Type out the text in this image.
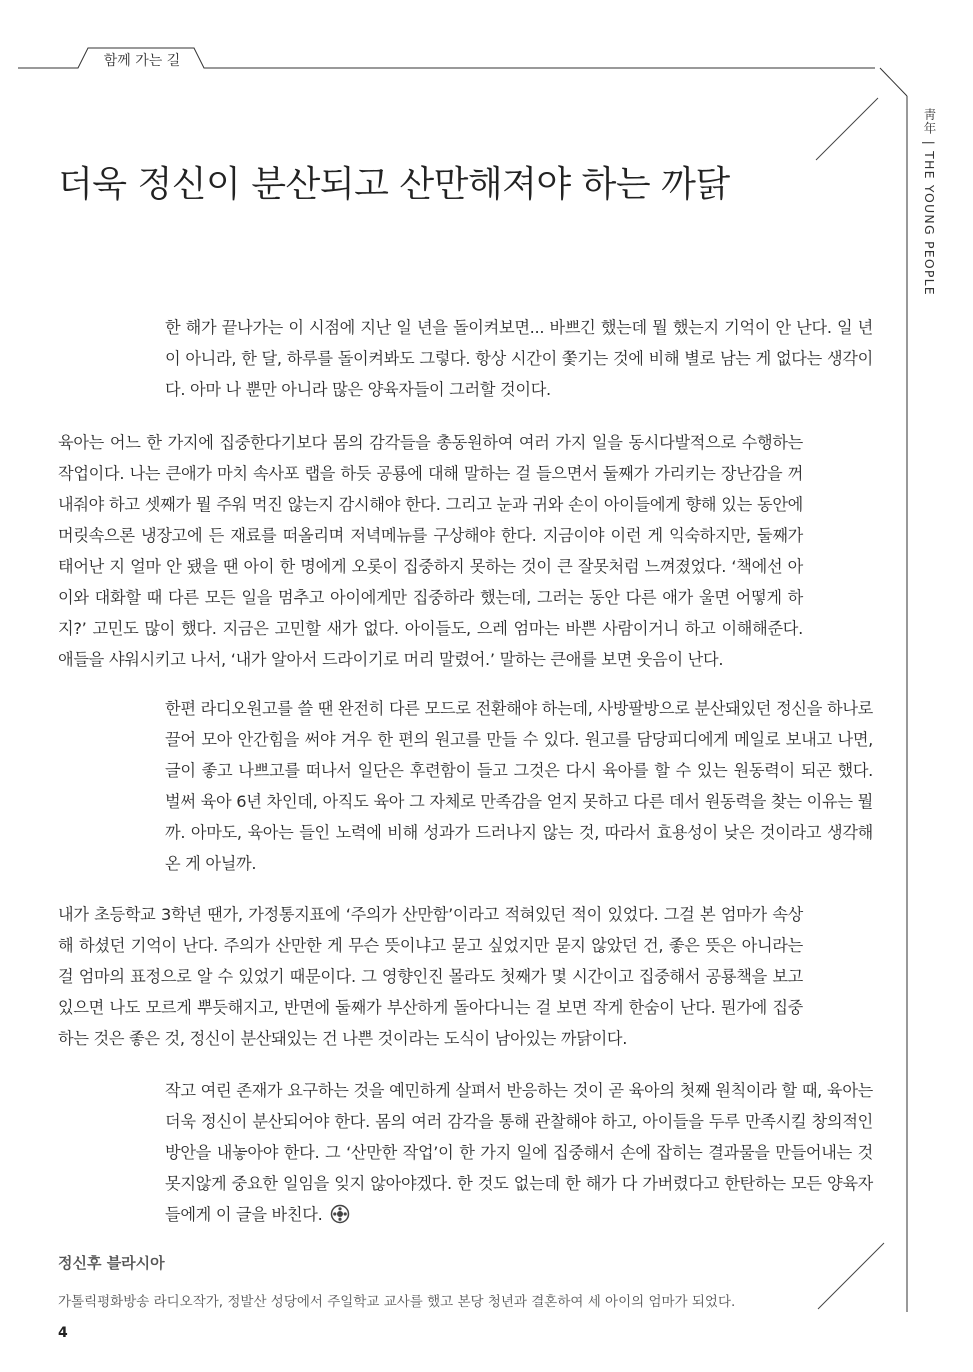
함께 가는 길
靑年 | THE YOUNG PEOPLE
더욱 정신이 분산되고 산만해져야 하는 까닭

한 해가 끝나가는 이 시점에 지난 일 년을 돌이켜보면... 바쁘긴 했는데 뭘 했는지 기억이 안 난다. 일 년이 아니라, 한 달, 하루를 돌이켜봐도 그렇다. 항상 시간이 쫓기는 것에 비해 별로 남는 게 없다는 생각이다. 아마 나 뿐만 아니라 많은 양육자들이 그러할 것이다.

육아는 어느 한 가지에 집중한다기보다 몸의 감각들을 총동원하여 여러 가지 일을 동시다발적으로 수행하는 작업이다. 나는 큰애가 마치 속사포 랩을 하듯 공룡에 대해 말하는 걸 들으면서 둘째가 가리키는 장난감을 꺼내줘야 하고 셋째가 뭘 주워 먹진 않는지 감시해야 한다. 그리고 눈과 귀와 손이 아이들에게 향해 있는 동안에 머릿속으론 냉장고에 든 재료를 떠올리며 저녁메뉴를 구상해야 한다. 지금이야 이런 게 익숙하지만, 둘째가 태어난 지 얼마 안 됐을 땐 아이 한 명에게 오롯이 집중하지 못하는 것이 큰 잘못처럼 느껴졌었다. ‘책에선 아이와 대화할 때 다른 모든 일을 멈추고 아이에게만 집중하라 했는데, 그러는 동안 다른 애가 울면 어떻게 하지?’ 고민도 많이 했다. 지금은 고민할 새가 없다. 아이들도, 으레 엄마는 바쁜 사람이거니 하고 이해해준다. 애들을 샤워시키고 나서, ‘내가 알아서 드라이기로 머리 말렸어.’ 말하는 큰애를 보면 웃음이 난다.

한편 라디오원고를 쓸 땐 완전히 다른 모드로 전환해야 하는데, 사방팔방으로 분산돼있던 정신을 하나로 끌어 모아 안간힘을 써야 겨우 한 편의 원고를 만들 수 있다. 원고를 담당피디에게 메일로 보내고 나면, 글이 좋고 나쁘고를 떠나서 일단은 후련함이 들고 그것은 다시 육아를 할 수 있는 원동력이 되곤 했다. 벌써 육아 6년 차인데, 아직도 육아 그 자체로 만족감을 얻지 못하고 다른 데서 원동력을 찾는 이유는 뭘까. 아마도, 육아는 들인 노력에 비해 성과가 드러나지 않는 것, 따라서 효용성이 낮은 것이라고 생각해온 게 아닐까.

내가 초등학교 3학년 땐가, 가정통지표에 ‘주의가 산만함’이라고 적혀있던 적이 있었다. 그걸 본 엄마가 속상해 하셨던 기억이 난다. 주의가 산만한 게 무슨 뜻이냐고 묻고 싶었지만 묻지 않았던 건, 좋은 뜻은 아니라는 걸 엄마의 표정으로 알 수 있었기 때문이다. 그 영향인진 몰라도 첫째가 몇 시간이고 집중해서 공룡책을 보고 있으면 나도 모르게 뿌듯해지고, 반면에 둘째가 부산하게 돌아다니는 걸 보면 작게 한숨이 난다. 뭔가에 집중하는 것은 좋은 것, 정신이 분산돼있는 건 나쁜 것이라는 도식이 남아있는 까닭이다.

작고 여린 존재가 요구하는 것을 예민하게 살펴서 반응하는 것이 곧 육아의 첫째 원칙이라 할 때, 육아는 더욱 정신이 분산되어야 한다. 몸의 여러 감각을 통해 관찰해야 하고, 아이들을 두루 만족시킬 창의적인 방안을 내놓아야 한다. 그 ‘산만한 작업’이 한 가지 일에 집중해서 손에 잡히는 결과물을 만들어내는 것 못지않게 중요한 일임을 잊지 않아야겠다. 한 것도 없는데 한 해가 다 가버렸다고 한탄하는 모든 양육자들에게 이 글을 바친다.

정신후 블라시아
가톨릭평화방송 라디오작가, 정발산 성당에서 주일학교 교사를 했고 본당 청년과 결혼하여 세 아이의 엄마가 되었다.
4
